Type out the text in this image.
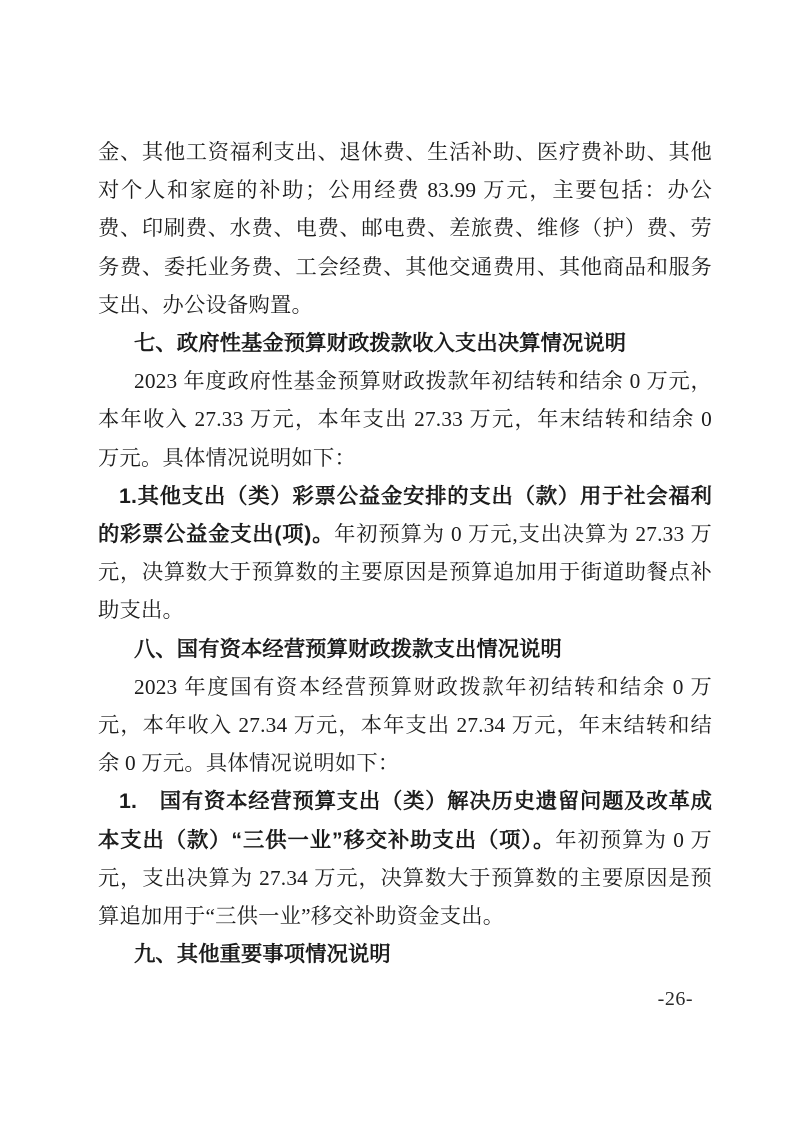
金、其他工资福利支出、退休费、生活补助、医疗费补助、其他对个人和家庭的补助；公用经费 83.99 万元，主要包括：办公费、印刷费、水费、电费、邮电费、差旅费、维修（护）费、劳务费、委托业务费、工会经费、其他交通费用、其他商品和服务支出、办公设备购置。

七、政府性基金预算财政拨款收入支出决算情况说明

2023 年度政府性基金预算财政拨款年初结转和结余 0 万元，本年收入 27.33 万元，本年支出 27.33 万元，年末结转和结余 0 万元。具体情况说明如下：

1.其他支出（类）彩票公益金安排的支出（款）用于社会福利的彩票公益金支出(项)。年初预算为 0 万元,支出决算为 27.33 万元，决算数大于预算数的主要原因是预算追加用于街道助餐点补助支出。

八、国有资本经营预算财政拨款支出情况说明

2023 年度国有资本经营预算财政拨款年初结转和结余 0 万元，本年收入 27.34 万元，本年支出 27.34 万元，年末结转和结余 0 万元。具体情况说明如下：

1.　国有资本经营预算支出（类）解决历史遗留问题及改革成本支出（款）“三供一业”移交补助支出（项）。年初预算为 0 万元，支出决算为 27.34 万元，决算数大于预算数的主要原因是预算追加用于“三供一业”移交补助资金支出。

九、其他重要事项情况说明

-26-
